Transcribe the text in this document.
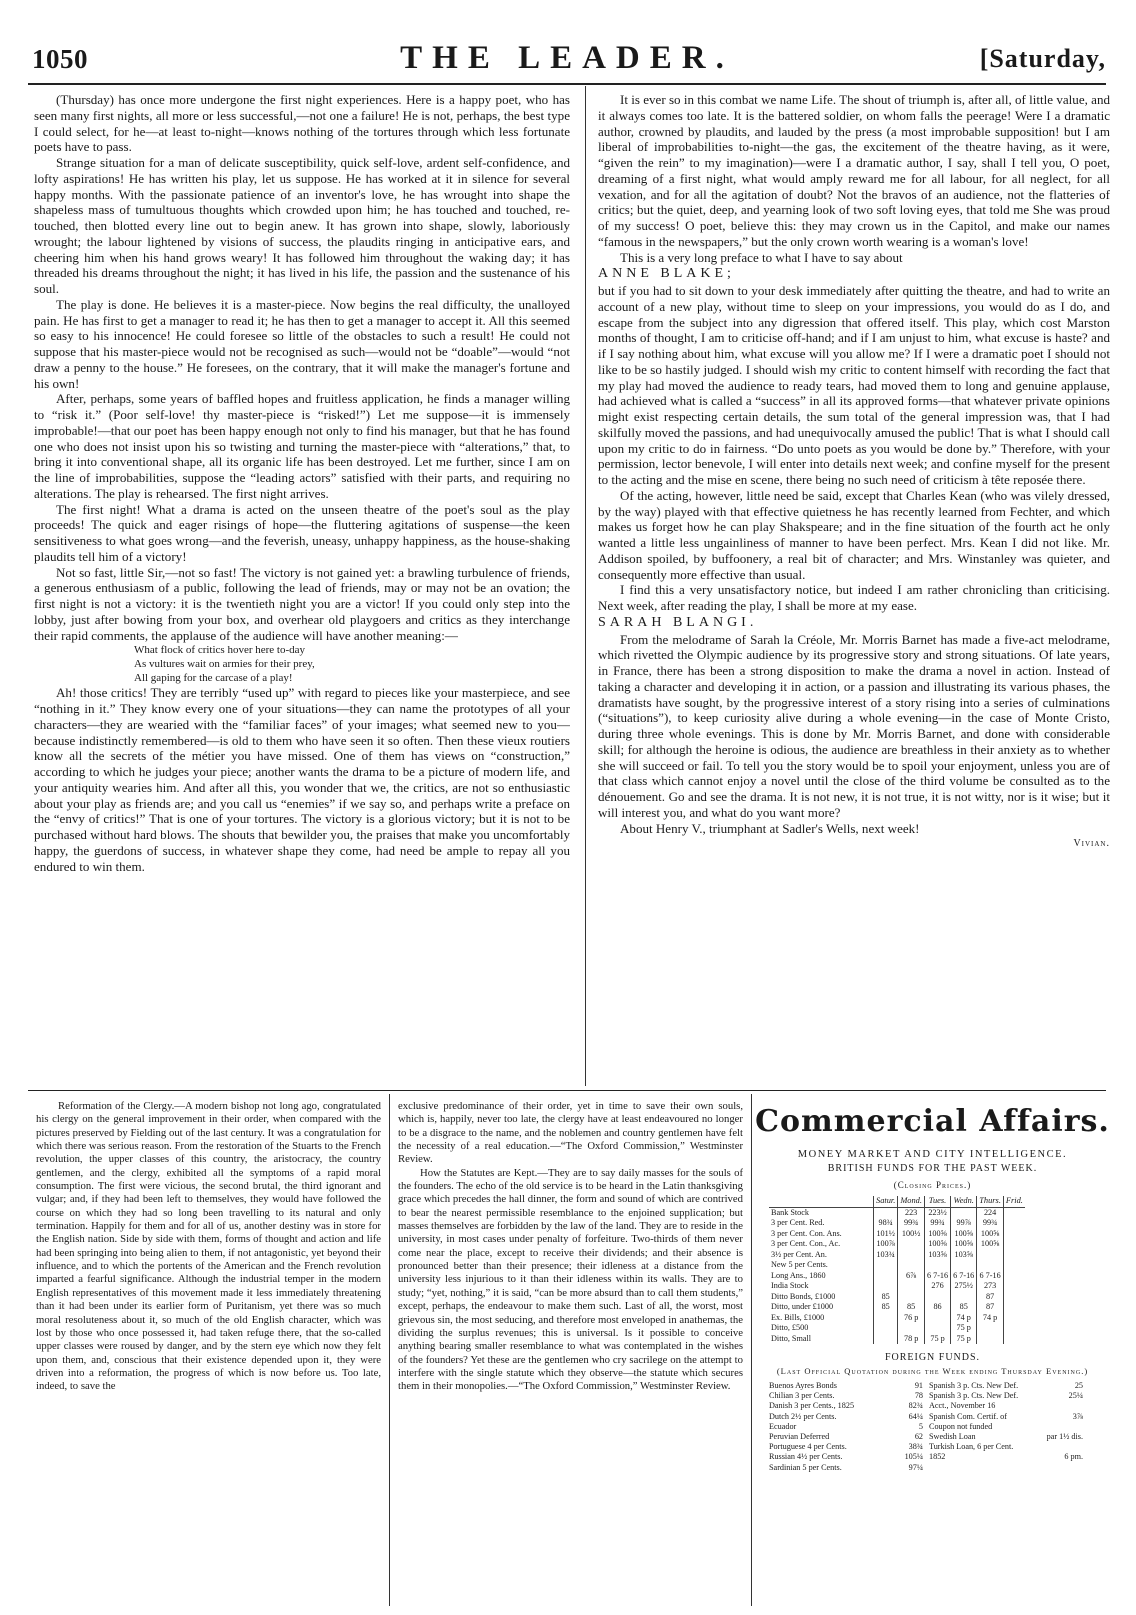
1050	THE LEADER.	[Saturday,

(Thursday) has once more undergone the first night experiences. Here is a happy poet, who has seen many first nights, all more or less successful,—not one a failure! He is not, perhaps, the best type I could select, for he—at least to-night—knows nothing of the tortures through which less fortunate poets have to pass.

Strange situation for a man of delicate susceptibility, quick self-love, ardent self-confidence, and lofty aspirations! He has written his play, let us suppose. He has worked at it in silence for several happy months. With the passionate patience of an inventor's love, he has wrought into shape the shapeless mass of tumultuous thoughts which crowded upon him; he has touched and touched, re-touched, then blotted every line out to begin anew. It has grown into shape, slowly, laboriously wrought; the labour lightened by visions of success, the plaudits ringing in anticipative ears, and cheering him when his hand grows weary! It has followed him throughout the waking day; it has threaded his dreams throughout the night; it has lived in his life, the passion and the sustenance of his soul.

The play is done. He believes it is a master-piece. Now begins the real difficulty, the unalloyed pain. He has first to get a manager to read it; he has then to get a manager to accept it. All this seemed so easy to his innocence! He could foresee so little of the obstacles to such a result! He could not suppose that his master-piece would not be recognised as such—would not be “doable”—would “not draw a penny to the house.” He foresees, on the contrary, that it will make the manager's fortune and his own!

After, perhaps, some years of baffled hopes and fruitless application, he finds a manager willing to “risk it.” (Poor self-love! thy master-piece is “risked!”) Let me suppose—it is immensely improbable!—that our poet has been happy enough not only to find his manager, but that he has found one who does not insist upon his so twisting and turning the master-piece with “alterations,” that, to bring it into conventional shape, all its organic life has been destroyed. Let me further, since I am on the line of improbabilities, suppose the “leading actors” satisfied with their parts, and requiring no alterations. The play is rehearsed. The first night arrives.

The first night! What a drama is acted on the unseen theatre of the poet's soul as the play proceeds! The quick and eager risings of hope—the fluttering agitations of suspense—the keen sensitiveness to what goes wrong—and the feverish, uneasy, unhappy happiness, as the house-shaking plaudits tell him of a victory!

Not so fast, little Sir,—not so fast! The victory is not gained yet: a brawling turbulence of friends, a generous enthusiasm of a public, following the lead of friends, may or may not be an ovation; the first night is not a victory: it is the twentieth night you are a victor! If you could only step into the lobby, just after bowing from your box, and overhear old playgoers and critics as they interchange their rapid comments, the applause of the audience will have another meaning:—

What flock of critics hover here to-day

As vultures wait on armies for their prey,

All gaping for the carcase of a play!

Ah! those critics! They are terribly “used up” with regard to pieces like your masterpiece, and see “nothing in it.” They know every one of your situations—they can name the prototypes of all your characters—they are wearied with the “familiar faces” of your images; what seemed new to you—because indistinctly remembered—is old to them who have seen it so often. Then these vieux routiers know all the secrets of the métier you have missed. One of them has views on “construction,” according to which he judges your piece; another wants the drama to be a picture of modern life, and your antiquity wearies him. And after all this, you wonder that we, the critics, are not so enthusiastic about your play as friends are; and you call us “enemies” if we say so, and perhaps write a preface on the “envy of critics!” That is one of your tortures. The victory is a glorious victory; but it is not to be purchased without hard blows. The shouts that bewilder you, the praises that make you uncomfortably happy, the guerdons of success, in whatever shape they come, had need be ample to repay all you endured to win them.

It is ever so in this combat we name Life. The shout of triumph is, after all, of little value, and it always comes too late. It is the battered soldier, on whom falls the peerage! Were I a dramatic author, crowned by plaudits, and lauded by the press (a most improbable supposition! but I am liberal of improbabilities to-night—the gas, the excitement of the theatre having, as it were, “given the rein” to my imagination)—were I a dramatic author, I say, shall I tell you, O poet, dreaming of a first night, what would amply reward me for all labour, for all neglect, for all vexation, and for all the agitation of doubt? Not the bravos of an audience, not the flatteries of critics; but the quiet, deep, and yearning look of two soft loving eyes, that told me She was proud of my success! O poet, believe this: they may crown us in the Capitol, and make our names “famous in the newspapers,” but the only crown worth wearing is a woman's love!

This is a very long preface to what I have to say about

ANNE BLAKE;

but if you had to sit down to your desk immediately after quitting the theatre, and had to write an account of a new play, without time to sleep on your impressions, you would do as I do, and escape from the subject into any digression that offered itself. This play, which cost Marston months of thought, I am to criticise off-hand; and if I am unjust to him, what excuse is haste? and if I say nothing about him, what excuse will you allow me? If I were a dramatic poet I should not like to be so hastily judged. I should wish my critic to content himself with recording the fact that my play had moved the audience to ready tears, had moved them to long and genuine applause, had achieved what is called a “success” in all its approved forms—that whatever private opinions might exist respecting certain details, the sum total of the general impression was, that I had skilfully moved the passions, and had unequivocally amused the public! That is what I should call upon my critic to do in fairness. “Do unto poets as you would be done by.” Therefore, with your permission, lector benevole, I will enter into details next week; and confine myself for the present to the acting and the mise en scene, there being no such need of criticism à tête reposée there.

Of the acting, however, little need be said, except that Charles Kean (who was vilely dressed, by the way) played with that effective quietness he has recently learned from Fechter, and which makes us forget how he can play Shakspeare; and in the fine situation of the fourth act he only wanted a little less ungainliness of manner to have been perfect. Mrs. Kean I did not like. Mr. Addison spoiled, by buffoonery, a real bit of character; and Mrs. Winstanley was quieter, and consequently more effective than usual.

I find this a very unsatisfactory notice, but indeed I am rather chronicling than criticising. Next week, after reading the play, I shall be more at my ease.

SARAH BLANGI.

From the melodrame of Sarah la Créole, Mr. Morris Barnet has made a five-act melodrame, which rivetted the Olympic audience by its progressive story and strong situations. Of late years, in France, there has been a strong disposition to make the drama a novel in action. Instead of taking a character and developing it in action, or a passion and illustrating its various phases, the dramatists have sought, by the progressive interest of a story rising into a series of culminations (“situations”), to keep curiosity alive during a whole evening—in the case of Monte Cristo, during three whole evenings. This is done by Mr. Morris Barnet, and done with considerable skill; for although the heroine is odious, the audience are breathless in their anxiety as to whether she will succeed or fail. To tell you the story would be to spoil your enjoyment, unless you are of that class which cannot enjoy a novel until the close of the third volume be consulted as to the dénouement. Go and see the drama. It is not new, it is not true, it is not witty, nor is it wise; but it will interest you, and what do you want more?

About Henry V., triumphant at Sadler's Wells, next week!

Vivian.

Reformation of the Clergy.—A modern bishop not long ago, congratulated his clergy on the general improvement in their order, when compared with the pictures preserved by Fielding out of the last century. It was a congratulation for which there was serious reason. From the restoration of the Stuarts to the French revolution, the upper classes of this country, the aristocracy, the country gentlemen, and the clergy, exhibited all the symptoms of a rapid moral consumption. The first were vicious, the second brutal, the third ignorant and vulgar; and, if they had been left to themselves, they would have followed the course on which they had so long been travelling to its natural and only termination. Happily for them and for all of us, another destiny was in store for the English nation. Side by side with them, forms of thought and action and life had been springing into being alien to them, if not antagonistic, yet beyond their influence, and to which the portents of the American and the French revolution imparted a fearful significance. Although the industrial temper in the modern English representatives of this movement made it less immediately threatening than it had been under its earlier form of Puritanism, yet there was so much moral resoluteness about it, so much of the old English character, which was lost by those who once possessed it, had taken refuge there, that the so-called upper classes were roused by danger, and by the stern eye which now they felt upon them, and, conscious that their existence depended upon it, they were driven into a reformation, the progress of which is now before us. Too late, indeed, to save the

exclusive predominance of their order, yet in time to save their own souls, which is, happily, never too late, the clergy have at least endeavoured no longer to be a disgrace to the name, and the noblemen and country gentlemen have felt the necessity of a real education.—“The Oxford Commission,” Westminster Review.

How the Statutes are Kept.—They are to say daily masses for the souls of the founders. The echo of the old service is to be heard in the Latin thanksgiving grace which precedes the hall dinner, the form and sound of which are contrived to bear the nearest permissible resemblance to the enjoined supplication; but masses themselves are forbidden by the law of the land. They are to reside in the university, in most cases under penalty of forfeiture. Two-thirds of them never come near the place, except to receive their dividends; and their absence is pronounced better than their presence; their idleness at a distance from the university less injurious to it than their idleness within its walls. They are to study; “yet, nothing,” it is said, “can be more absurd than to call them students,” except, perhaps, the endeavour to make them such. Last of all, the worst, most grievous sin, the most seducing, and therefore most enveloped in anathemas, the dividing the surplus revenues; this is universal. Is it possible to conceive anything bearing smaller resemblance to what was contemplated in the wishes of the founders? Yet these are the gentlemen who cry sacrilege on the attempt to interfere with the single statute which they observe—the statute which secures them in their monopolies.—“The Oxford Commission,” Westminster Review.

Commercial Affairs.
MONEY MARKET AND CITY INTELLIGENCE.
BRITISH FUNDS FOR THE PAST WEEK.
(Closing Prices.)
	Satur.	Mond.	Tues.	Wedn.	Thurs.	Frid.
Bank Stock		223	223½		224	
3 per Cent. Red.	98¾	99¾	99¾	99⅞	99¾	
3 per Cent. Con. Ans.	101½	100½	100⅝	100⅝	100⅝	
3 per Cent. Con., Ac.	100⅞		100⅝	100⅝	100⅝	
3½ per Cent. An.	103¾		103⅝	103⅝		
New 5 per Cents.						
Long Ans., 1860		6⅞	6 7-16	6 7-16	6 7-16	
India Stock			276	275½	273	
Ditto Bonds, £1000	85				87	
Ditto, under £1000	85	85	86	85	87	
Ex. Bills, £1000		76 p		74 p	74 p	
Ditto, £500				75 p		
Ditto, Small		78 p	75 p	75 p		
FOREIGN FUNDS.
(Last Official Quotation during the Week ending Thursday Evening.)
Buenos Ayres Bonds	91
Chilian 3 per Cents.	78
Danish 3 per Cents., 1825	82¾
Dutch 2½ per Cents.	64¼
Ecuador	5
Peruvian Deferred	62
Portuguese 4 per Cents.	38¾
Russian 4½ per Cents.	105¼
Sardinian 5 per Cents.	97¼
Spanish 3 p. Cts. New Def.	25
Spanish 3 p. Cts. New Def.	25¼
Acct., November 16
Spanish Com. Certif. of	3⅞
Coupon not funded
Swedish Loan	par 1½ dis.
Turkish Loan, 6 per Cent.
1852	6 pm.
